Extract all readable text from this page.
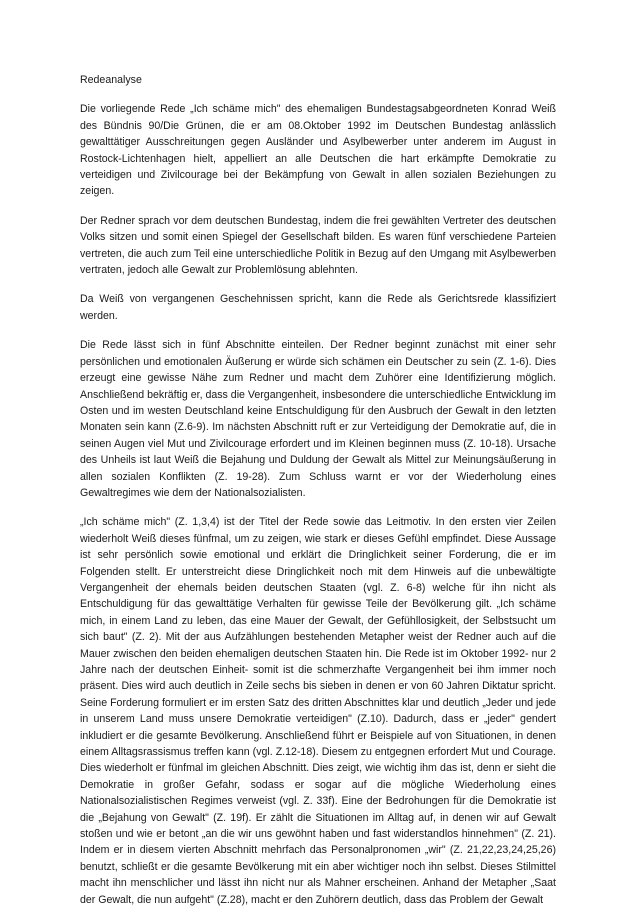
Redeanalyse

Die vorliegende Rede „Ich schäme mich" des ehemaligen Bundestagsabgeordneten Konrad Weiß des Bündnis 90/Die Grünen, die er am 08.Oktober 1992 im Deutschen Bundestag anlässlich gewalttätiger Ausschreitungen gegen Ausländer und Asylbewerber unter anderem im August in Rostock-Lichtenhagen hielt, appelliert an alle Deutschen die hart erkämpfte Demokratie zu verteidigen und Zivilcourage bei der Bekämpfung von Gewalt in allen sozialen Beziehungen zu zeigen.

Der Redner sprach vor dem deutschen Bundestag, indem die frei gewählten Vertreter des deutschen Volks sitzen und somit einen Spiegel der Gesellschaft bilden. Es waren fünf verschiedene Parteien vertreten, die auch zum Teil eine unterschiedliche Politik in Bezug auf den Umgang mit Asylbewerben vertraten, jedoch alle Gewalt zur Problemlösung ablehnten.

Da Weiß von vergangenen Geschehnissen spricht, kann die Rede als Gerichtsrede klassifiziert werden.

Die Rede lässt sich in fünf Abschnitte einteilen. Der Redner beginnt zunächst mit einer sehr persönlichen und emotionalen Äußerung er würde sich schämen ein Deutscher zu sein (Z. 1-6). Dies erzeugt eine gewisse Nähe zum Redner und macht dem Zuhörer eine Identifizierung möglich. Anschließend bekräftig er, dass die Vergangenheit, insbesondere die unterschiedliche Entwicklung im Osten und im westen Deutschland keine Entschuldigung für den Ausbruch der Gewalt in den letzten Monaten sein kann (Z.6-9). Im nächsten Abschnitt ruft er zur Verteidigung der Demokratie auf, die in seinen Augen viel Mut und Zivilcourage erfordert und im Kleinen beginnen muss (Z. 10-18). Ursache des Unheils ist laut Weiß die Bejahung und Duldung der Gewalt als Mittel zur Meinungsäußerung in allen sozialen Konflikten (Z. 19-28). Zum Schluss warnt er vor der Wiederholung eines Gewaltregimes wie dem der Nationalsozialisten.

„Ich schäme mich" (Z. 1,3,4) ist der Titel der Rede sowie das Leitmotiv. In den ersten vier Zeilen wiederholt Weiß dieses fünfmal, um zu zeigen, wie stark er dieses Gefühl empfindet. Diese Aussage ist sehr persönlich sowie emotional und erklärt die Dringlichkeit seiner Forderung, die er im Folgenden stellt. Er unterstreicht diese Dringlichkeit noch mit dem Hinweis auf die unbewältigte Vergangenheit der ehemals beiden deutschen Staaten (vgl. Z. 6-8) welche für ihn nicht als Entschuldigung für das gewalttätige Verhalten für gewisse Teile der Bevölkerung gilt. „Ich schäme mich, in einem Land zu leben, das eine Mauer der Gewalt, der Gefühllosigkeit, der Selbstsucht um sich baut" (Z. 2). Mit der aus Aufzählungen bestehenden Metapher weist der Redner auch auf die Mauer zwischen den beiden ehemaligen deutschen Staaten hin. Die Rede ist im Oktober 1992- nur 2 Jahre nach der deutschen Einheit- somit ist die schmerzhafte Vergangenheit bei ihm immer noch präsent. Dies wird auch deutlich in Zeile sechs bis sieben in denen er von 60 Jahren Diktatur spricht. Seine Forderung formuliert er im ersten Satz des dritten Abschnittes klar und deutlich „Jeder und jede in unserem Land muss unsere Demokratie verteidigen" (Z.10). Dadurch, dass er „jeder" gendert inkludiert er die gesamte Bevölkerung. Anschließend führt er Beispiele auf von Situationen, in denen einem Alltagsrassismus treffen kann (vgl. Z.12-18). Diesem zu entgegnen erfordert Mut und Courage. Dies wiederholt er fünfmal im gleichen Abschnitt. Dies zeigt, wie wichtig ihm das ist, denn er sieht die Demokratie in großer Gefahr, sodass er sogar auf die mögliche Wiederholung eines Nationalsozialistischen Regimes verweist (vgl. Z. 33f). Eine der Bedrohungen für die Demokratie ist die „Bejahung von Gewalt" (Z. 19f). Er zählt die Situationen im Alltag auf, in denen wir auf Gewalt stoßen und wie er betont „an die wir uns gewöhnt haben und fast widerstandlos hinnehmen" (Z. 21). Indem er in diesem vierten Abschnitt mehrfach das Personalpronomen „wir" (Z. 21,22,23,24,25,26) benutzt, schließt er die gesamte Bevölkerung mit ein aber wichtiger noch ihn selbst. Dieses Stilmittel macht ihn menschlicher und lässt ihn nicht nur als Mahner erscheinen. Anhand der Metapher „Saat der Gewalt, die nun aufgeht" (Z.28), macht er den Zuhörern deutlich, dass das Problem der Gewalt
